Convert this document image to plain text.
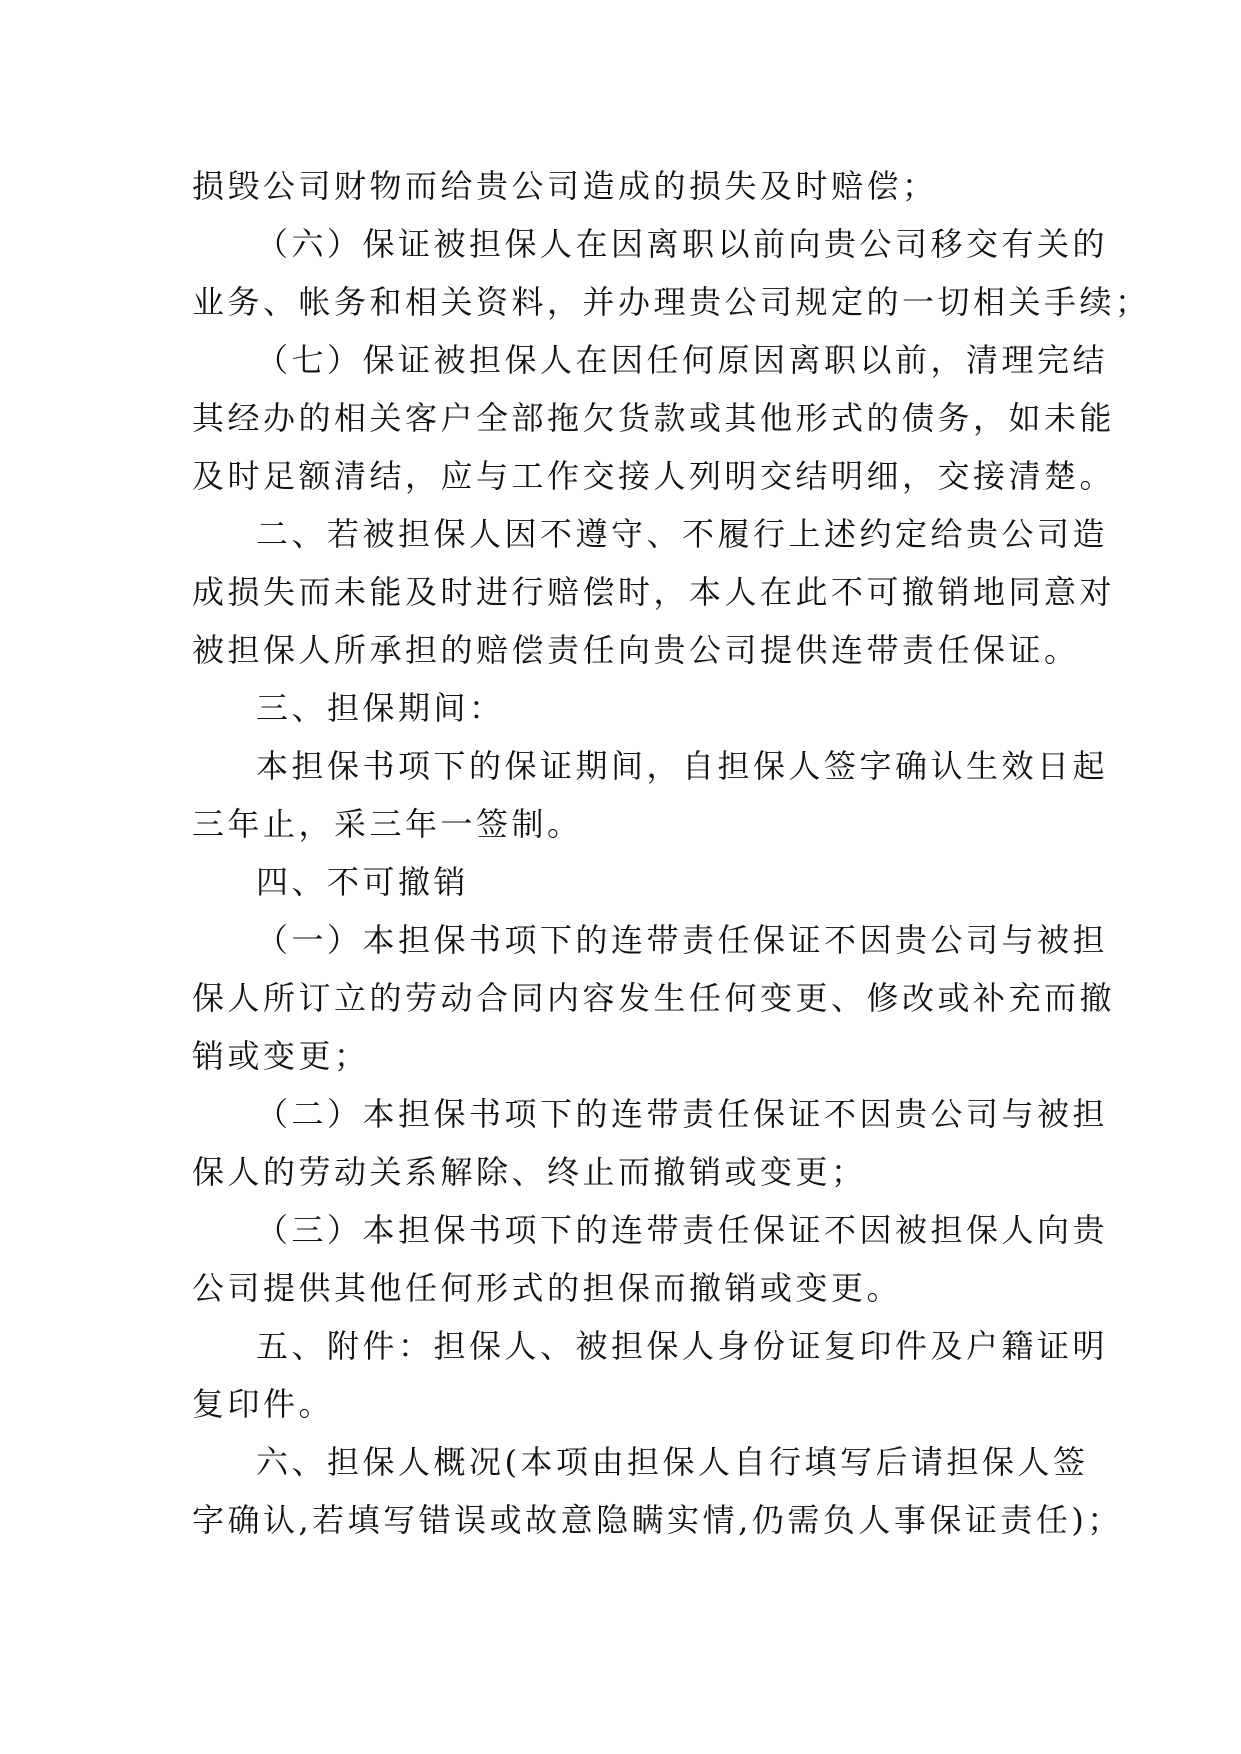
损毁公司财物而给贵公司造成的损失及时赔偿；
（六）保证被担保人在因离职以前向贵公司移交有关的
业务、帐务和相关资料，并办理贵公司规定的一切相关手续；
（七）保证被担保人在因任何原因离职以前，清理完结
其经办的相关客户全部拖欠货款或其他形式的债务，如未能
及时足额清结，应与工作交接人列明交结明细，交接清楚。
二、若被担保人因不遵守、不履行上述约定给贵公司造
成损失而未能及时进行赔偿时，本人在此不可撤销地同意对
被担保人所承担的赔偿责任向贵公司提供连带责任保证。
三、担保期间：
本担保书项下的保证期间，自担保人签字确认生效日起
三年止，采三年一签制。
四、不可撤销
（一）本担保书项下的连带责任保证不因贵公司与被担
保人所订立的劳动合同内容发生任何变更、修改或补充而撤
销或变更；
（二）本担保书项下的连带责任保证不因贵公司与被担
保人的劳动关系解除、终止而撤销或变更；
（三）本担保书项下的连带责任保证不因被担保人向贵
公司提供其他任何形式的担保而撤销或变更。
五、附件：担保人、被担保人身份证复印件及户籍证明
复印件。
六、担保人概况(本项由担保人自行填写后请担保人签
字确认,若填写错误或故意隐瞒实情,仍需负人事保证责任)；
